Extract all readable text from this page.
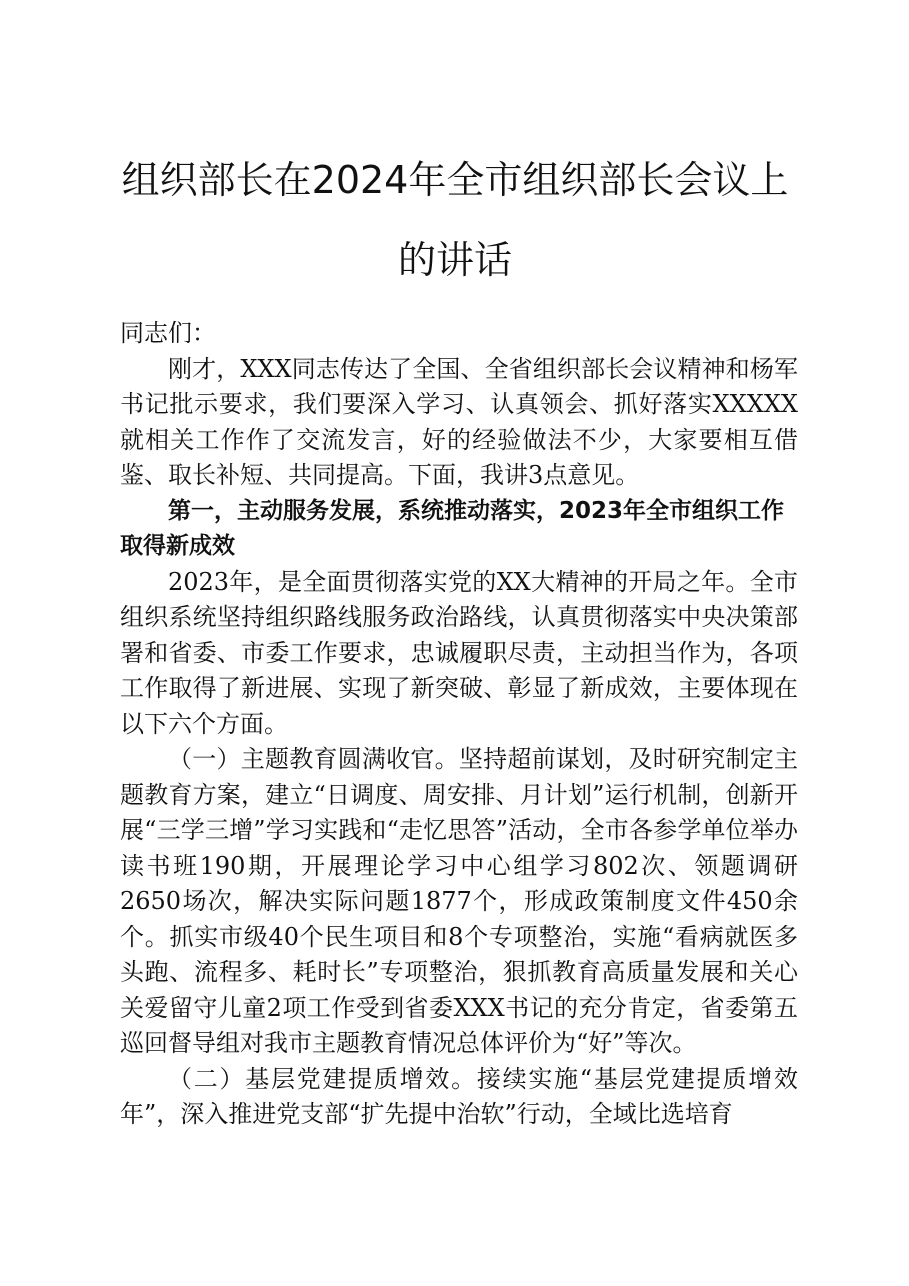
组织部长在2024年全市组织部长会议上的讲话

同志们：

刚才，XXX同志传达了全国、全省组织部长会议精神和杨军书记批示要求，我们要深入学习、认真领会、抓好落实XXXXX就相关工作作了交流发言，好的经验做法不少，大家要相互借鉴、取长补短、共同提高。下面，我讲3点意见。

第一，主动服务发展，系统推动落实，2023年全市组织工作取得新成效

2023年，是全面贯彻落实党的XX大精神的开局之年。全市组织系统坚持组织路线服务政治路线，认真贯彻落实中央决策部署和省委、市委工作要求，忠诚履职尽责，主动担当作为，各项工作取得了新进展、实现了新突破、彰显了新成效，主要体现在以下六个方面。

（一）主题教育圆满收官。坚持超前谋划，及时研究制定主题教育方案，建立“日调度、周安排、月计划”运行机制，创新开展“三学三增”学习实践和“走忆思答”活动，全市各参学单位举办读书班190期，开展理论学习中心组学习802次、领题调研2650场次，解决实际问题1877个，形成政策制度文件450余个。抓实市级40个民生项目和8个专项整治，实施“看病就医多头跑、流程多、耗时长”专项整治，狠抓教育高质量发展和关心关爱留守儿童2项工作受到省委XXX书记的充分肯定，省委第五巡回督导组对我市主题教育情况总体评价为“好”等次。

（二）基层党建提质增效。接续实施“基层党建提质增效年”，深入推进党支部“扩先提中治软”行动，全域比选培育
